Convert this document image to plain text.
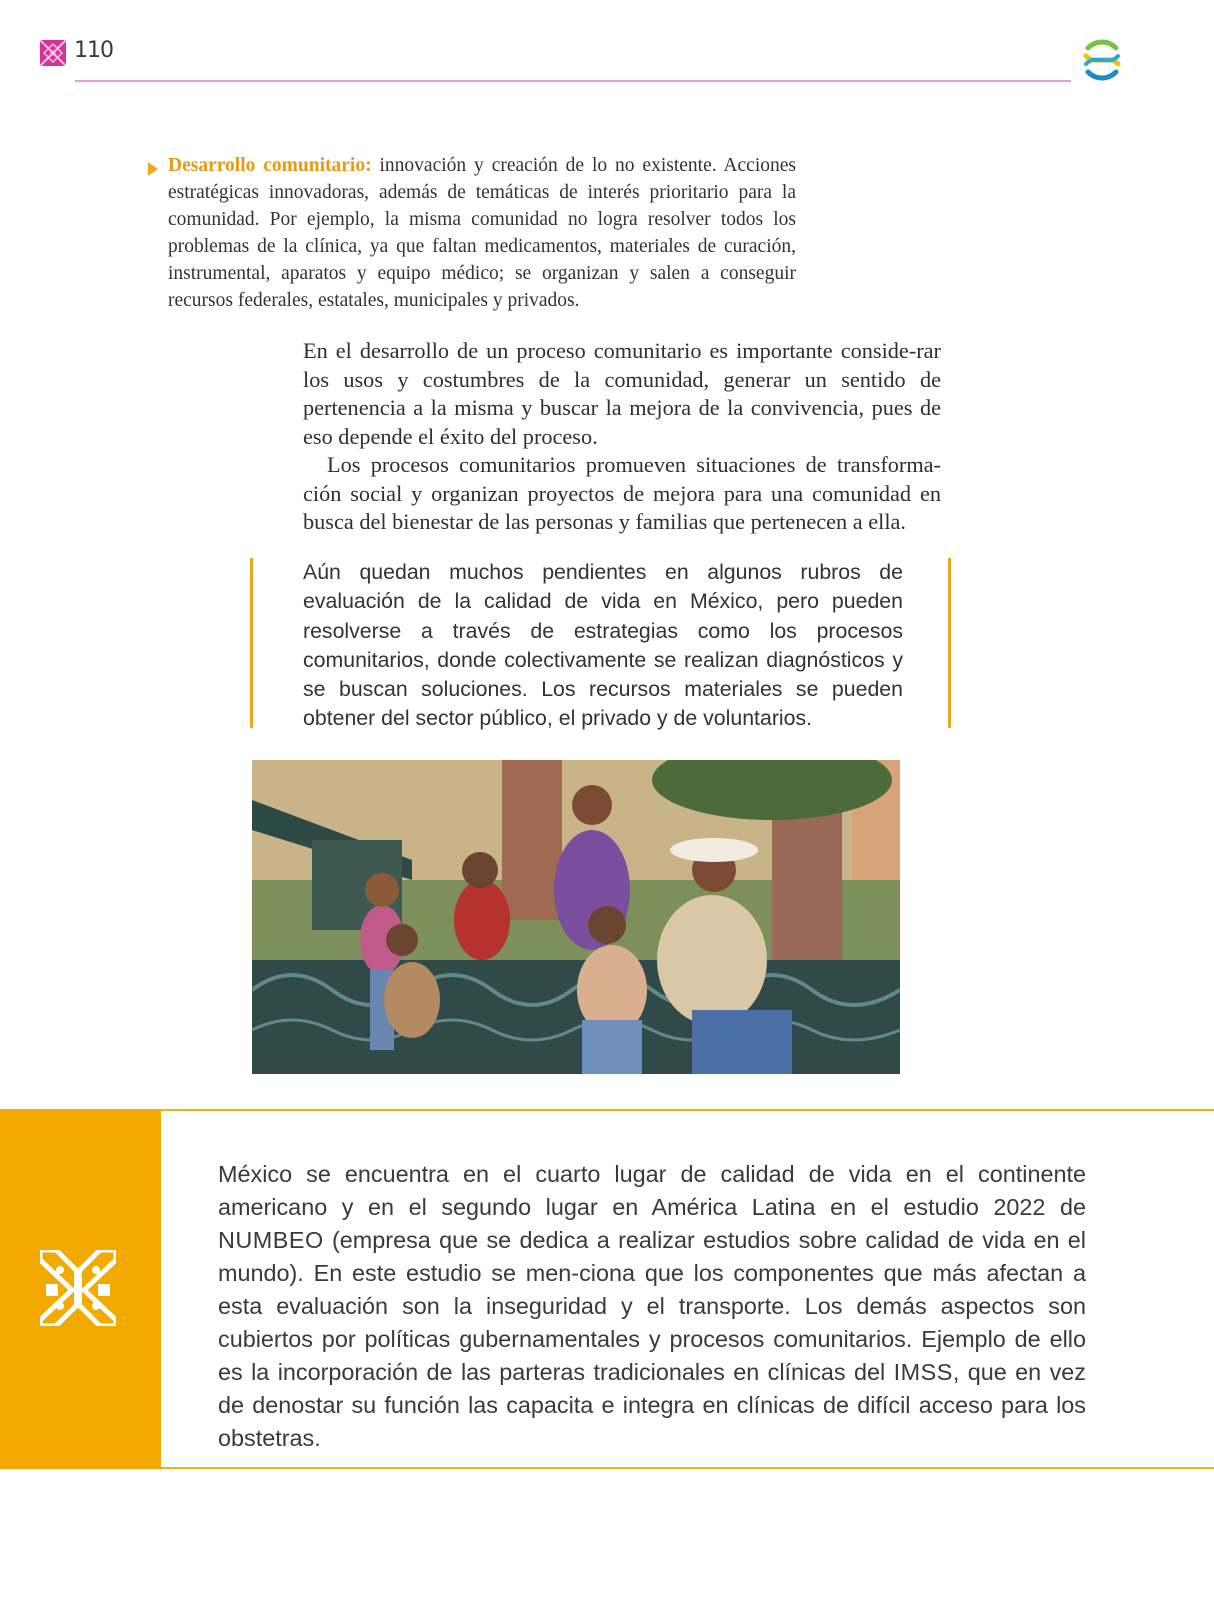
110
Desarrollo comunitario: innovación y creación de lo no existente. Acciones estratégicas innovadoras, además de temáticas de interés prioritario para la comunidad. Por ejemplo, la misma comunidad no logra resolver todos los problemas de la clínica, ya que faltan medicamentos, materiales de curación, instrumental, aparatos y equipo médico; se organizan y salen a conseguir recursos federales, estatales, municipales y privados.

En el desarrollo de un proceso comunitario es importante conside-rar los usos y costumbres de la comunidad, generar un sentido de pertenencia a la misma y buscar la mejora de la convivencia, pues de eso depende el éxito del proceso.

Los procesos comunitarios promueven situaciones de transforma-ción social y organizan proyectos de mejora para una comunidad en busca del bienestar de las personas y familias que pertenecen a ella.

Aún quedan muchos pendientes en algunos rubros de evaluación de la calidad de vida en México, pero pueden resolverse a través de estrategias como los procesos comunitarios, donde colectivamente se realizan diagnósticos y se buscan soluciones. Los recursos materiales se pueden obtener del sector público, el privado y de voluntarios.
México se encuentra en el cuarto lugar de calidad de vida en el continente americano y en el segundo lugar en América Latina en el estudio 2022 de NUMBEO (empresa que se dedica a realizar estudios sobre calidad de vida en el mundo). En este estudio se men-ciona que los componentes que más afectan a esta evaluación son la inseguridad y el transporte. Los demás aspectos son cubiertos por políticas gubernamentales y procesos comunitarios. Ejemplo de ello es la incorporación de las parteras tradicionales en clínicas del IMSS, que en vez de denostar su función las capacita e integra en clínicas de difícil acceso para los obstetras.
